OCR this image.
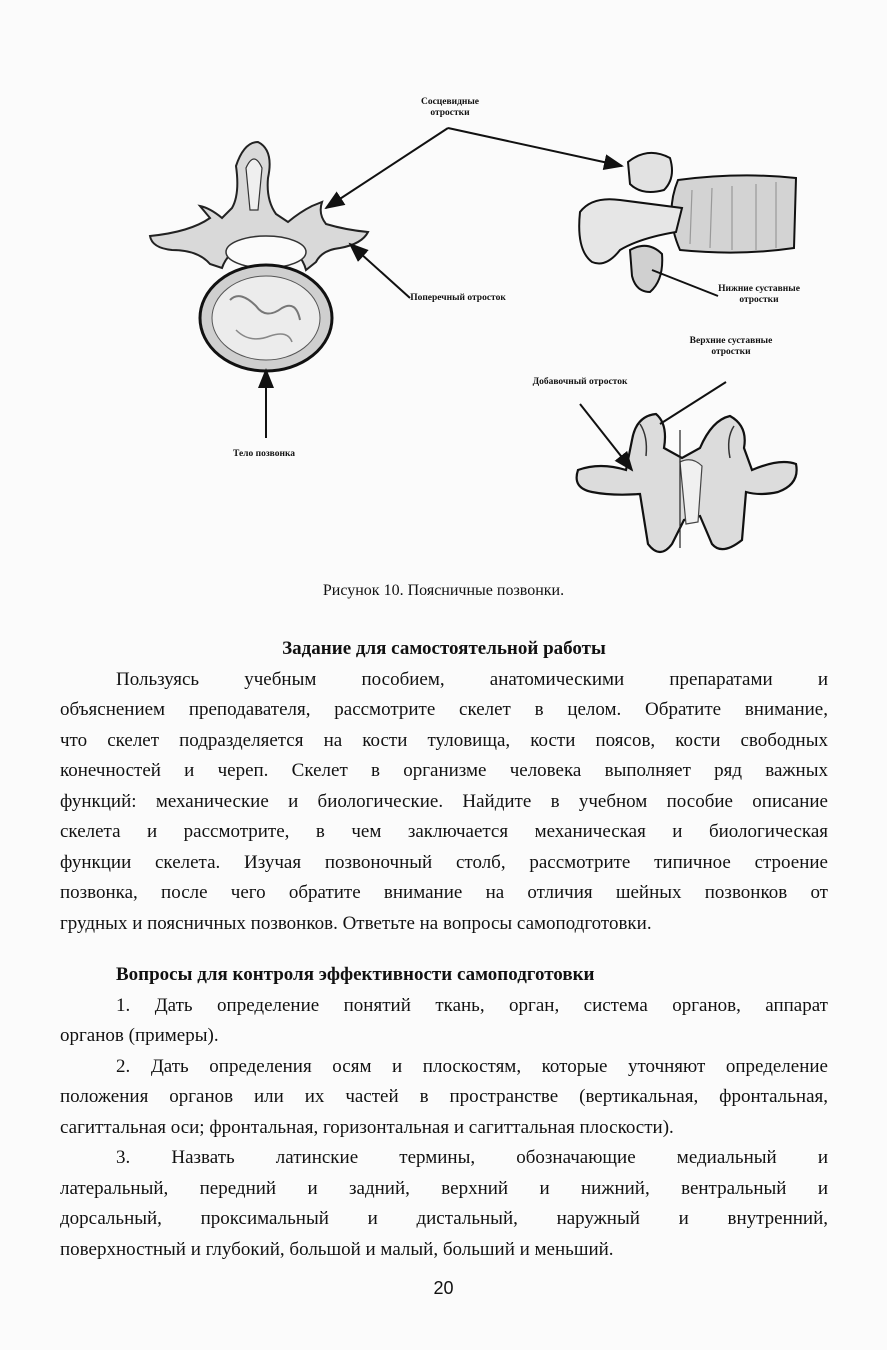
Сосцевидные отростки
Поперечный отросток
Тело позвонка
Нижние суставные отростки
Верхние суставные отростки
Добавочный отросток
Рисунок 10. Поясничные позвонки.
Задание для самостоятельной работы
Пользуясь учебным пособием, анатомическими препаратами и
объяснением преподавателя, рассмотрите скелет в целом. Обратите внимание,
что скелет подразделяется на кости туловища, кости поясов, кости свободных
конечностей и череп. Скелет в организме человека выполняет ряд важных
функций: механические и биологические. Найдите в учебном пособие описание
скелета и рассмотрите, в чем заключается механическая и биологическая
функции скелета. Изучая позвоночный столб, рассмотрите типичное строение
позвонка, после чего обратите внимание на отличия шейных позвонков от
грудных и поясничных позвонков. Ответьте на вопросы самоподготовки.
Вопросы для контроля эффективности самоподготовки
1. Дать определение понятий ткань, орган, система органов, аппарат
органов (примеры).
2. Дать определения осям и плоскостям, которые уточняют определение
положения органов или их частей в пространстве (вертикальная, фронтальная,
сагиттальная оси; фронтальная, горизонтальная и сагиттальная плоскости).
3. Назвать латинские термины, обозначающие медиальный и
латеральный, передний и задний, верхний и нижний, вентральный и
дорсальный, проксимальный и дистальный, наружный и внутренний,
поверхностный и глубокий, большой и малый, больший и меньший.
20
